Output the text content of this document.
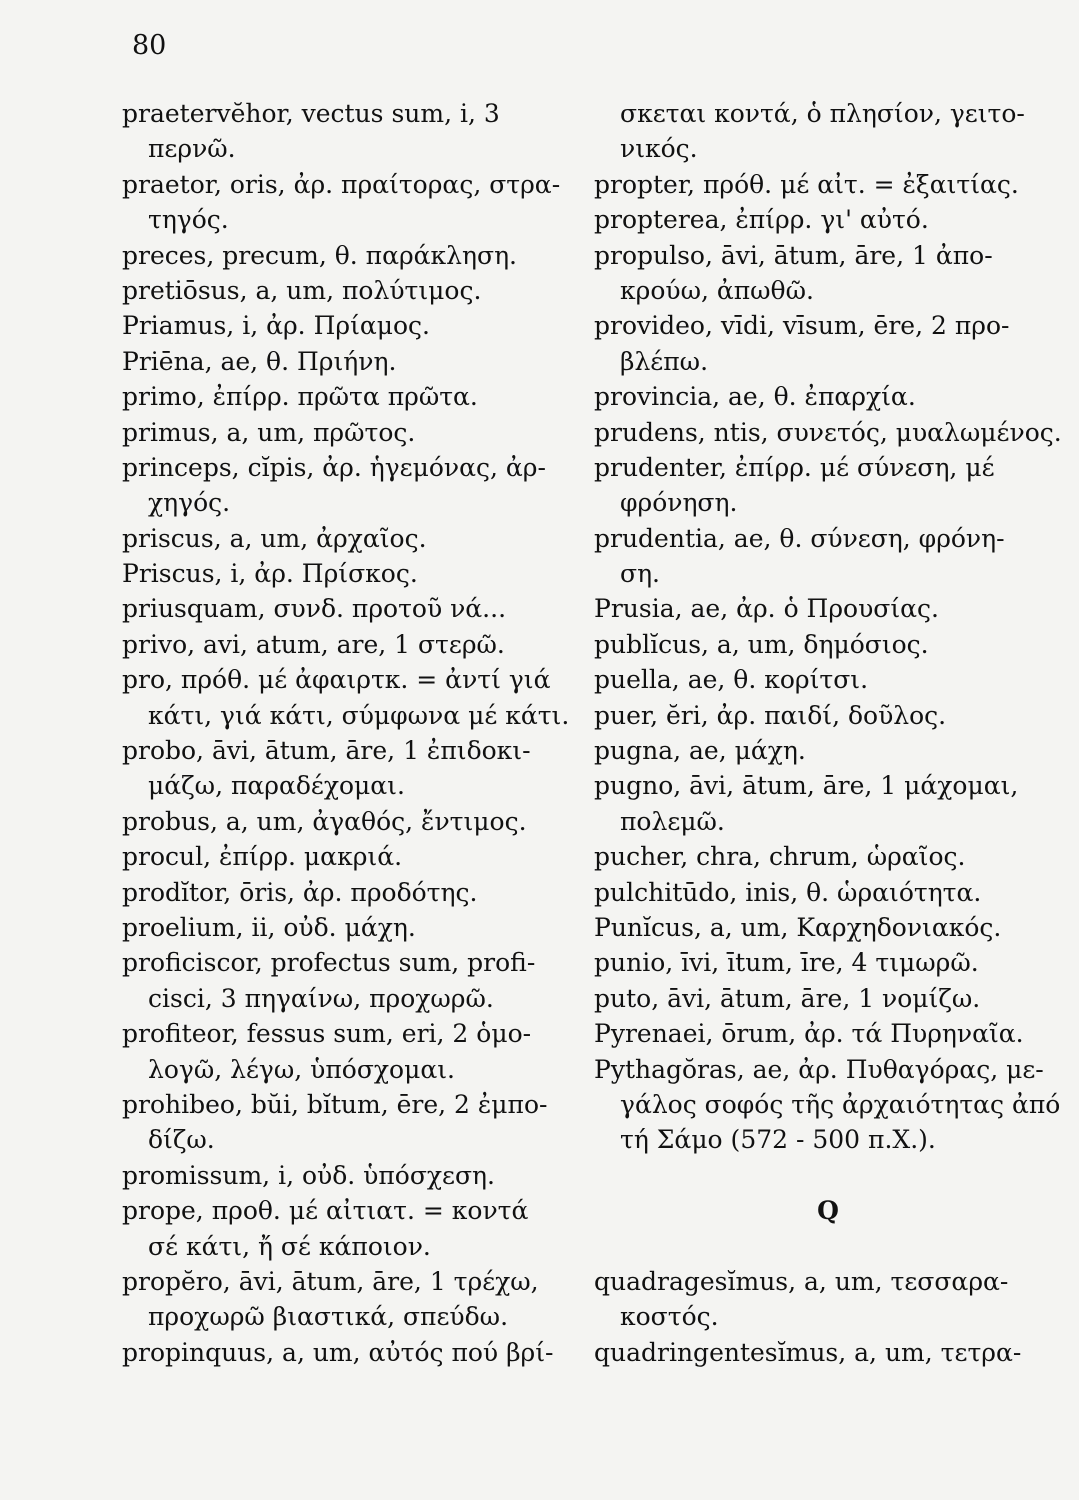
80
praetervĕhor, vectus sum, i, 3
περνῶ.
praetor, oris, ἀρ. πραίτορας, στρα-
τηγός.
preces, precum, θ. παράκληση.
pretiōsus, a, um, πολύτιμος.
Priamus, i, ἀρ. Πρίαμος.
Priēna, ae, θ. Πριήνη.
primo, ἐπίρρ. πρῶτα πρῶτα.
primus, a, um, πρῶτος.
princeps, cĭpis, ἀρ. ἡγεμόνας, ἀρ-
χηγός.
priscus, a, um, ἀρχαῖος.
Priscus, i, ἀρ. Πρίσκος.
priusquam, συνδ. προτοῦ νά...
privo, avi, atum, are, 1 στερῶ.
pro, πρόθ. μέ ἀφαιρτκ. = ἀντί γιά
κάτι, γιά κάτι, σύμφωνα μέ κάτι.
probo, āvi, ātum, āre, 1 ἐπιδοκι-
μάζω, παραδέχομαι.
probus, a, um, ἀγαθός, ἔντιμος.
procul, ἐπίρρ. μακριά.
prodĭtor, ōris, ἀρ. προδότης.
proelium, ii, οὐδ. μάχη.
proficiscor, profectus sum, profi-
cisci, 3 πηγαίνω, προχωρῶ.
profiteor, fessus sum, eri, 2 ὁμο-
λογῶ, λέγω, ὑπόσχομαι.
prohibeo, bŭi, bĭtum, ēre, 2 ἐμπο-
δίζω.
promissum, i, οὐδ. ὑπόσχεση.
prope, προθ. μέ αἰτιατ. = κοντά
σέ κάτι, ἤ σέ κάποιον.
propĕro, āvi, ātum, āre, 1 τρέχω,
προχωρῶ βιαστικά, σπεύδω.
propinquus, a, um, αὐτός πού βρί-
σκεται κοντά, ὁ πλησίον, γειτο-
νικός.
propter, πρόθ. μέ αἰτ. = ἐξαιτίας.
propterea, ἐπίρρ. γι' αὐτό.
propulso, āvi, ātum, āre, 1 ἀπο-
κρούω, ἀπωθῶ.
provideo, vīdi, vīsum, ēre, 2 προ-
βλέπω.
provincia, ae, θ. ἐπαρχία.
prudens, ntis, συνετός, μυαλωμένος.
prudenter, ἐπίρρ. μέ σύνεση, μέ
φρόνηση.
prudentia, ae, θ. σύνεση, φρόνη-
ση.
Prusia, ae, ἀρ. ὁ Προυσίας.
publĭcus, a, um, δημόσιος.
puella, ae, θ. κορίτσι.
puer, ĕri, ἀρ. παιδί, δοῦλος.
pugna, ae, μάχη.
pugno, āvi, ātum, āre, 1 μάχομαι,
πολεμῶ.
pucher, chra, chrum, ὡραῖος.
pulchitūdo, inis, θ. ὡραιότητα.
Punĭcus, a, um, Καρχηδονιακός.
punio, īvi, ītum, īre, 4 τιμωρῶ.
puto, āvi, ātum, āre, 1 νομίζω.
Pyrenaei, ōrum, ἀρ. τά Πυρηναῖα.
Pythagŏras, ae, ἀρ. Πυθαγόρας, με-
γάλος σοφός τῆς ἀρχαιότητας ἀπό
τή Σάμο (572 - 500 π.Χ.).
Q
quadragesĭmus, a, um, τεσσαρα-
κοστός.
quadringentesĭmus, a, um, τετρα-
